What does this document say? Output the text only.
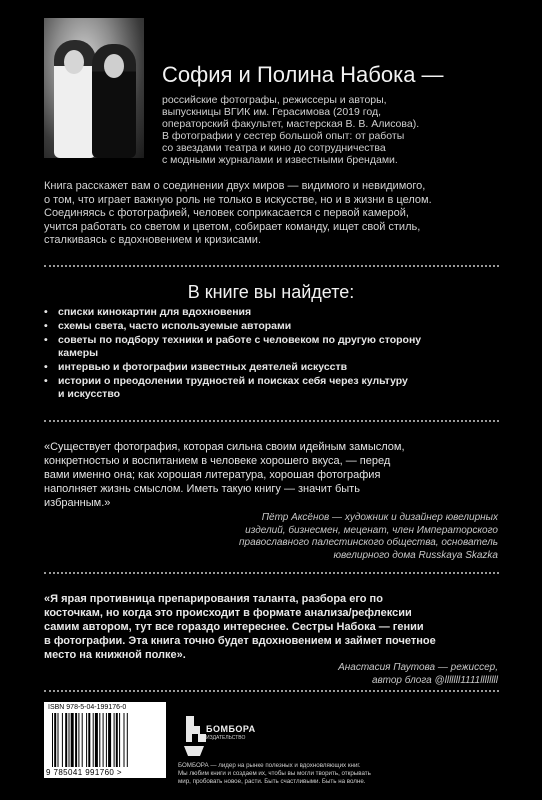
София и Полина Набока —
российские фотографы, режиссеры и авторы,
выпускницы ВГИК им. Герасимова (2019 год,
операторский факультет, мастерская В. В. Алисова).
В фотографии у сестер большой опыт: от работы
со звездами театра и кино до сотрудничества
с модными журналами и известными брендами.
Книга расскажет вам о соединении двух миров — видимого и невидимого,
о том, что играет важную роль не только в искусстве, но и в жизни в целом.
Соединяясь с фотографией, человек соприкасается с первой камерой,
учится работать со светом и цветом, собирает команду, ищет свой стиль,
сталкиваясь с вдохновением и кризисами.
В книге вы найдете:
• списки кинокартин для вдохновения
• схемы света, часто используемые авторами
• советы по подбору техники и работе с человеком по другую сторону
камеры
• интервью и фотографии известных деятелей искусств
• истории о преодолении трудностей и поисках себя через культуру
и искусство
«Существует фотография, которая сильна своим идейным замыслом,
конкретностью и воспитанием в человеке хорошего вкуса, — перед
вами именно она; как хорошая литература, хорошая фотография
наполняет жизнь смыслом. Иметь такую книгу — значит быть
избранным.»
Пётр Аксёнов — художник и дизайнер ювелирных
изделий, бизнесмен, меценат, член Императорского
православного палестинского общества, основатель
ювелирного дома Russkaya Skazka
«Я ярая противница препарирования таланта, разбора его по
косточкам, но когда это происходит в формате анализа/рефлексии
самим автором, тут все гораздо интереснее. Сестры Набока — гении
в фотографии. Эта книга точно будет вдохновением и займет почетное
место на книжной полке».
Анастасия Паутова — режиссер,
автор блога @lllllll1111llllllll
ISBN 978-5-04-199176-0
9 785041 991760 >
БОМБОРА
ИЗДАТЕЛЬСТВО
БОМБОРА — лидер на рынке полезных и вдохновляющих книг.
Мы любим книги и создаем их, чтобы вы могли творить, открывать
мир, пробовать новое, расти. Быть счастливыми. Быть на волне.
